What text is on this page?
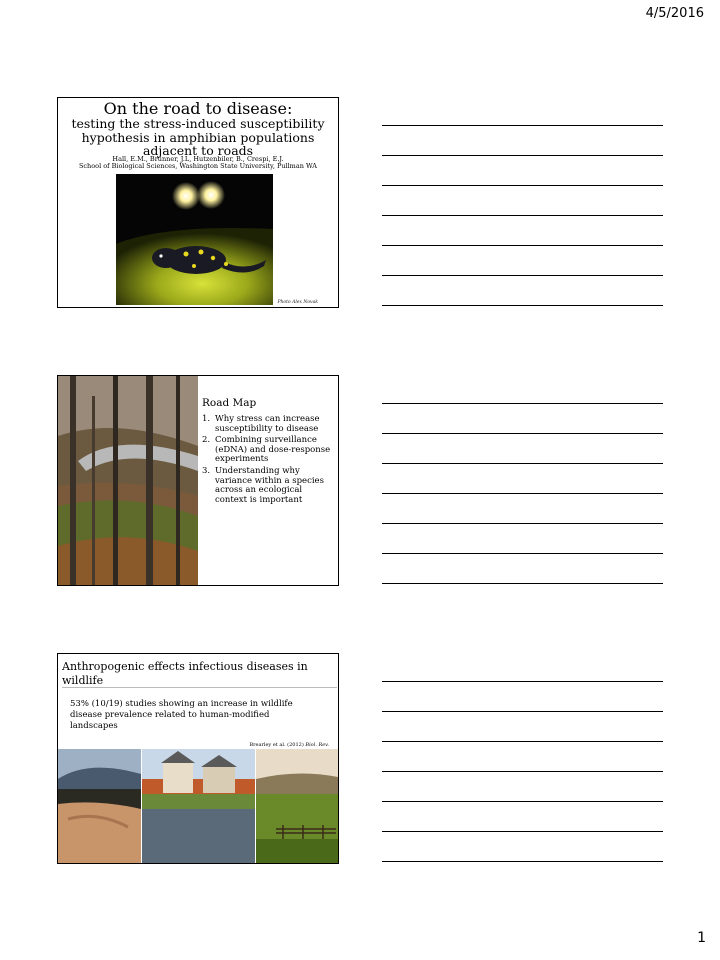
4/5/2016
On the road to disease:
testing the stress-induced susceptibility hypothesis in amphibian populations adjacent to roads
Hall, E.M., Brunner, J.L, Hutzenbiler, B., Crespi, E.J.
School of Biological Sciences, Washington State University, Pullman WA
Photo Alex Novak
Road Map
1. Why stress can increase susceptibility to disease
2. Combining surveillance (eDNA) and dose-response experiments
3. Understanding why variance within a species across an ecological context is important
Anthropogenic effects infectious diseases in wildlife
53% (10/19) studies showing an increase in wildlife disease prevalence related to human-modified landscapes
Brearley et al. (2012) Biol. Rev.
1
